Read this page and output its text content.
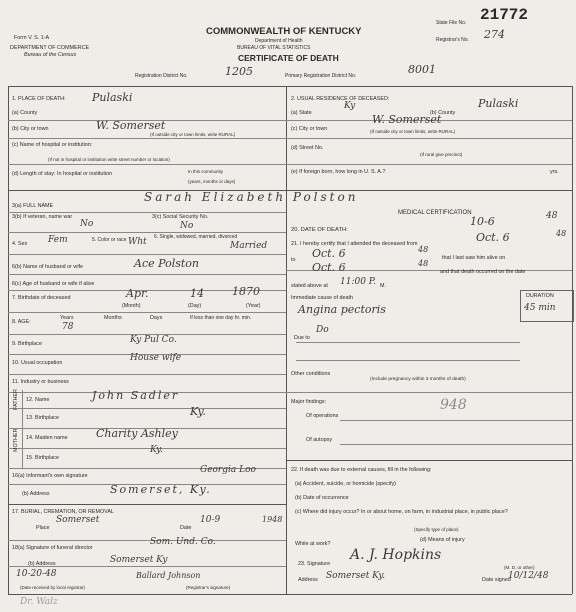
Form V. S. 1-A
DEPARTMENT OF COMMERCE
Bureau of the Census
COMMONWEALTH OF KENTUCKY
Department of Health
BUREAU OF VITAL STATISTICS
CERTIFICATE OF DEATH
State File No. 21772
Registrar's No. 274
Registration District No.	1205	Primary Registration District No.	8001
1. PLACE OF DEATH: Pulaski
(a) County
(b) City or town	W. Somerset
(If outside city or town limits, write RURAL)
(c) Name of hospital or institution:
(If not in hospital or institution write street number or location)
(d) Length of stay: In hospital or institution	In this community
(years, months or days)
2. USUAL RESIDENCE OF DECEASED:
(a) State
Ky
(b) County
Pulaski
(c) City or town
W. Somerset
(If outside city or town limits, write RURAL)
(d) Street No.
(If rural give precinct)
(e) If foreign born, how long in U. S. A.?	yrs.
3(a) FULL NAME
Sarah Elizabeth Polston
3(b) If veteran, name war
No
3(c) Social Security No.
No
4. Sex Fem	5. Color or race Wht 6. Single, widowed, married, divorced
Married
6(b) Name of husband or wife	Ace Polston
6(c) Age of husband or wife if alive
7. Birthdate of deceased	Apr.	14	1870
(Month)	(Day)	(Year)
8. AGE:
Years	Months	Days
78
If less than one day hr. min.
9. Birthplace	Ky Pul Co.
10. Usual occupation	House wife
11. Industry or business
FATHER
MOTHER
12. Name	John Sadler
13. Birthplace	Ky.
14. Maiden name	Charity Ashley
15. Birthplace
Ky.
16(a) Informant's own signature
Georgia Loo
(b) Address	Somerset, Ky.
17. BURIAL, CREMATION, OR REMOVAL
Place
Somerset
Date
10-9	1948
18(a) Signature of funeral director
Som. Und. Co.
(b) Address	Somerset Ky
10-20-48	Ballard Johnson
(Date received by local registrar)	(Registrar's signature)
MEDICAL CERTIFICATION
20. DATE OF DEATH:
10-6	48
21. I hereby certify that I attended the deceased from	Oct. 6	48
to Oct. 6	48
that I last saw him alive on
Oct. 6	48
and that death occurred on the date
stated above at 11:00 P. M.
Immediate cause of death	DURATION
Angina pectoris	45 min
Due to
Do
Other conditions
(Include pregnancy within 3 months of death)
Major findings:
Of operations
948
Of autopsy
22. If death was due to external causes, fill in the following:
(a) Accident, suicide, or homicide (specify)
(b) Date of occurrence
(c) Where did injury occur? In or about home, on farm, in industrial place, in public place?
(Specify type of place)
While at work?
(d) Means of injury
23. Signature
A. J. Hopkins
(M. D. or other)
Address Somerset Ky.	Date signed
10/12/48
Dr. Walz
